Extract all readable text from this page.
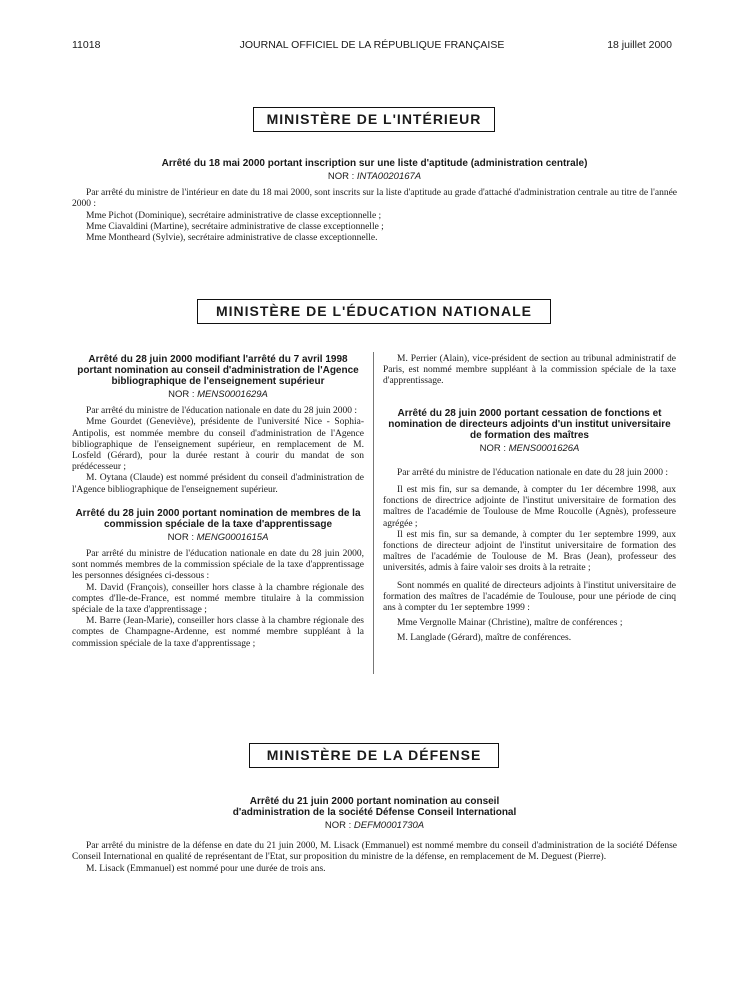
11018	JOURNAL OFFICIEL DE LA RÉPUBLIQUE FRANÇAISE	18 juillet 2000
MINISTÈRE DE L'INTÉRIEUR

Arrêté du 18 mai 2000 portant inscription sur une liste d'aptitude (administration centrale)

NOR : INTA0020167A

Par arrêté du ministre de l'intérieur en date du 18 mai 2000, sont inscrits sur la liste d'aptitude au grade d'attaché d'administration centrale au titre de l'année 2000 :

Mme Pichot (Dominique), secrétaire administrative de classe exceptionnelle ;

Mme Ciavaldini (Martine), secrétaire administrative de classe exceptionnelle ;

Mme Montheard (Sylvie), secrétaire administrative de classe exceptionnelle.

MINISTÈRE DE L'ÉDUCATION NATIONALE

Arrêté du 28 juin 2000 modifiant l'arrêté du 7 avril 1998 portant nomination au conseil d'administration de l'Agence bibliographique de l'enseignement supérieur

NOR : MENS0001629A

Par arrêté du ministre de l'éducation nationale en date du 28 juin 2000 :

Mme Gourdet (Geneviève), présidente de l'université Nice - Sophia-Antipolis, est nommée membre du conseil d'administration de l'Agence bibliographique de l'enseignement supérieur, en remplacement de M. Losfeld (Gérard), pour la durée restant à courir du mandat de son prédécesseur ;

M. Oytana (Claude) est nommé président du conseil d'administration de l'Agence bibliographique de l'enseignement supérieur.

Arrêté du 28 juin 2000 portant nomination de membres de la commission spéciale de la taxe d'apprentissage

NOR : MENG0001615A

Par arrêté du ministre de l'éducation nationale en date du 28 juin 2000, sont nommés membres de la commission spéciale de la taxe d'apprentissage les personnes désignées ci-dessous :

M. David (François), conseiller hors classe à la chambre régionale des comptes d'Ile-de-France, est nommé membre titulaire à la commission spéciale de la taxe d'apprentissage ;

M. Barre (Jean-Marie), conseiller hors classe à la chambre régionale des comptes de Champagne-Ardenne, est nommé membre suppléant à la commission spéciale de la taxe d'apprentissage ;

M. Perrier (Alain), vice-président de section au tribunal administratif de Paris, est nommé membre suppléant à la commission spéciale de la taxe d'apprentissage.

Arrêté du 28 juin 2000 portant cessation de fonctions et nomination de directeurs adjoints d'un institut universitaire de formation des maîtres

NOR : MENS0001626A

Par arrêté du ministre de l'éducation nationale en date du 28 juin 2000 :

Il est mis fin, sur sa demande, à compter du 1er décembre 1998, aux fonctions de directrice adjointe de l'institut universitaire de formation des maîtres de l'académie de Toulouse de Mme Roucolle (Agnès), professeure agrégée ;

Il est mis fin, sur sa demande, à compter du 1er septembre 1999, aux fonctions de directeur adjoint de l'institut universitaire de formation des maîtres de l'académie de Toulouse de M. Bras (Jean), professeur des universités, admis à faire valoir ses droits à la retraite ;

Sont nommés en qualité de directeurs adjoints à l'institut universitaire de formation des maîtres de l'académie de Toulouse, pour une période de cinq ans à compter du 1er septembre 1999 :

Mme Vergnolle Mainar (Christine), maître de conférences ;

M. Langlade (Gérard), maître de conférences.

MINISTÈRE DE LA DÉFENSE

Arrêté du 21 juin 2000 portant nomination au conseil d'administration de la société Défense Conseil International

NOR : DEFM0001730A

Par arrêté du ministre de la défense en date du 21 juin 2000, M. Lisack (Emmanuel) est nommé membre du conseil d'administration de la société Défense Conseil International en qualité de représentant de l'Etat, sur proposition du ministre de la défense, en remplacement de M. Deguest (Pierre).

M. Lisack (Emmanuel) est nommé pour une durée de trois ans.
